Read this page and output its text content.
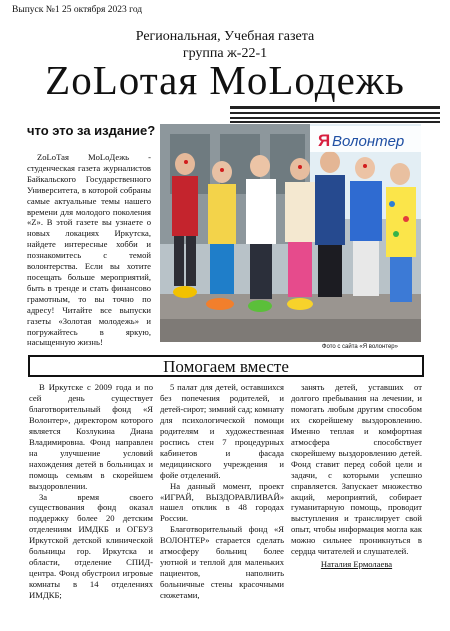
Выпуск №1 25 октября 2023 год
Региональная, Учебная газета
группа ж-22-1
ZoLотая MoLодежь
что это за издание?
ZoLоТая MoLоДежь - студенческая газета журналистов Байкальского Государственного Университета, в которой собраны самые актуальные темы нашего времени для молодого поколения «Z». В этой газете вы узнаете о новых локациях Иркутска, найдете интересные хобби и познакомитесь с темой волонтерства. Если вы хотите посещать больше мероприятий, быть в тренде и стать финансово грамотным, то вы точно по адресу! Читайте все выпуски газеты «Золотая молодежь» и погружайтесь в яркую, насыщенную жизнь!
Я Волонтер
Фото с сайта «Я волонтер»
Помогаем вместе

В Иркутске с 2009 года и по сей день существует благотворительный фонд «Я Волонтер», директором которого является Козлукина Диана Владимировна. Фонд направлен на улучшение условий нахождения детей в больницах и помощь семьям в скорейшем выздоровлении.

За время своего существования фонд оказал поддержку более 20 детским отделениям ИМДКБ и ОГБУЗ Иркутской детской клинической больницы гор. Иркутска и области, отделение СПИД-центра. Фонд обустроил игровые комнаты в 14 отделениях ИМДКБ;

5 палат для детей, оставшихся без попечения родителей, и детей-сирот; зимний сад; комнату для психологической помощи родителям и художественная роспись стен 7 процедурных кабинетов и фасада медицинского учреждения и фойе отделений.

На данный момент, проект «ИГРАЙ, ВЫЗДОРАВЛИВАЙ» нашел отклик в 48 городах России.

Благотворительный фонд «Я ВОЛОНТЕР» старается сделать атмосферу больниц более уютной и теплой для маленьких пациентов, наполнить больничные стены красочными сюжетами,

занять детей, уставших от долгого пребывания на лечении, и помогать любым другим способом их скорейшему выздоровлению. Именно теплая и комфортная атмосфера способствует скорейшему выздоровлению детей. Фонд ставит перед собой цели и задачи, с которыми успешно справляется. Запускает множество акций, мероприятий, собирает гуманитарную помощь, проводит выступления и транслирует свой опыт, чтобы информация могла как можно сильнее проникнуться в сердца читателей и слушателей.

Наталия Ермолаева
